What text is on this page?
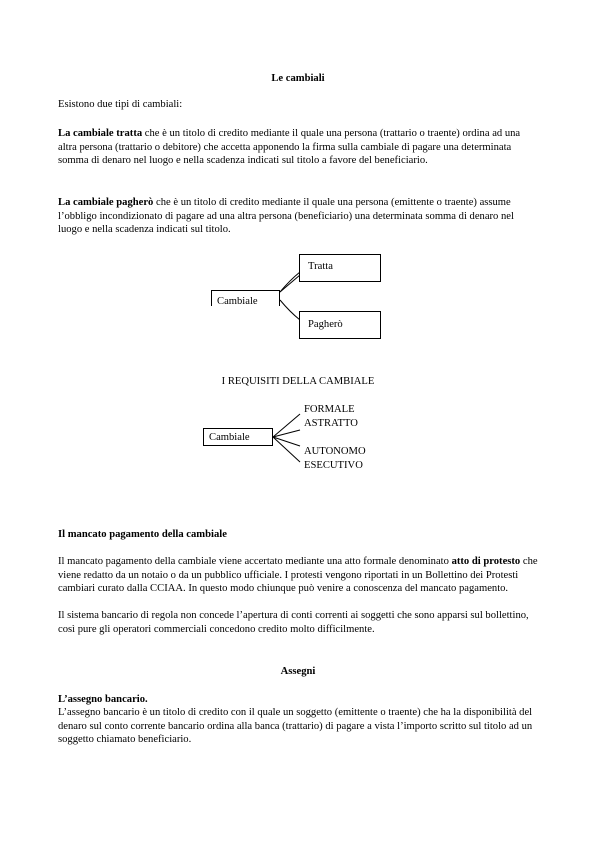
Le cambiali
Esistono due tipi di cambiali:
La cambiale tratta che è un titolo di credito mediante il quale una persona (trattario o traente) ordina ad una altra persona (trattario o debitore) che accetta apponendo la firma sulla cambiale di pagare una determinata somma di denaro nel luogo e nella scadenza indicati sul titolo a favore del beneficiario.
La cambiale pagherò che è un titolo di credito mediante il quale una persona (emittente o traente) assume l’obbligo incondizionato di pagare ad una altra persona (beneficiario) una determinata somma di denaro nel luogo e nella scadenza indicati sul titolo.
Cambiale
Tratta
Pagherò
I REQUISITI DELLA CAMBIALE
Cambiale
FORMALE
ASTRATTO
AUTONOMO
ESECUTIVO
Il mancato pagamento della cambiale
Il mancato pagamento della cambiale viene accertato mediante una atto formale denominato atto di protesto che viene redatto da un notaio o da un pubblico ufficiale. I protesti vengono riportati in un Bollettino dei Protesti cambiari curato dalla CCIAA. In questo modo chiunque può venire a conoscenza del mancato pagamento.
Il sistema bancario di regola non concede l’apertura di conti correnti ai soggetti che sono apparsi sul bollettino, così pure gli operatori commerciali concedono credito molto difficilmente.
Assegni
L’assegno bancario.
L’assegno bancario è un titolo di credito con il quale un soggetto (emittente o traente) che ha la disponibilità del denaro sul conto corrente bancario ordina alla banca (trattario) di pagare a vista l’importo scritto sul titolo ad un soggetto chiamato beneficiario.
